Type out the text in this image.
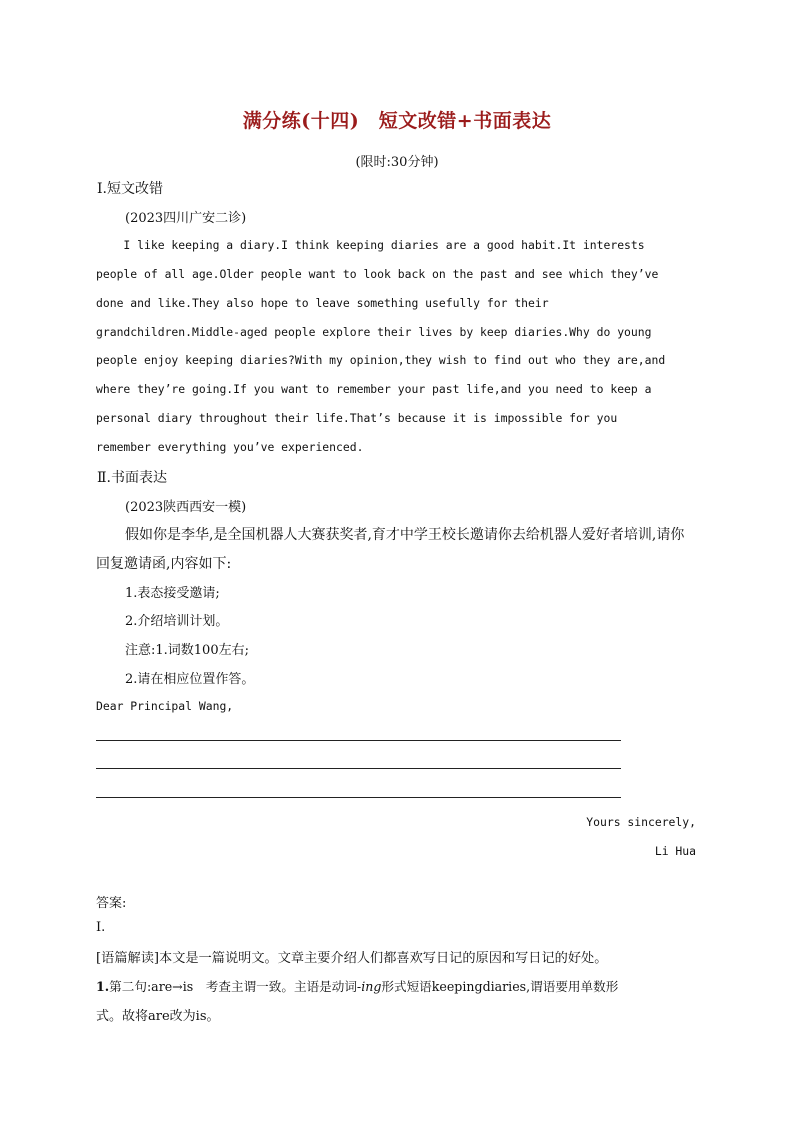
满分练(十四)　短文改错+书面表达
(限时:30分钟)
Ⅰ.短文改错
(2023四川广安二诊)
I like keeping a diary.I think keeping diaries are a good habit.It interests
people of all age.Older people want to look back on the past and see which they’ve
done and like.They also hope to leave something usefully for their
grandchildren.Middle-aged people explore their lives by keep diaries.Why do young
people enjoy keeping diaries?With my opinion,they wish to find out who they are,and
where they’re going.If you want to remember your past life,and you need to keep a
personal diary throughout their life.That’s because it is impossible for you
remember everything you’ve experienced.
Ⅱ.书面表达
(2023陕西西安一模)
假如你是李华,是全国机器人大赛获奖者,育才中学王校长邀请你去给机器人爱好者培训,请你
回复邀请函,内容如下:
1.表态接受邀请;
2.介绍培训计划。
注意:1.词数100左右;
2.请在相应位置作答。
Dear Principal Wang,
Yours sincerely,
Li Hua
答案:
Ⅰ.
[语篇解读]本文是一篇说明文。文章主要介绍人们都喜欢写日记的原因和写日记的好处。
1.第二句:are→is　考查主谓一致。主语是动词-ing形式短语keepingdiaries,谓语要用单数形
式。故将are改为is。
